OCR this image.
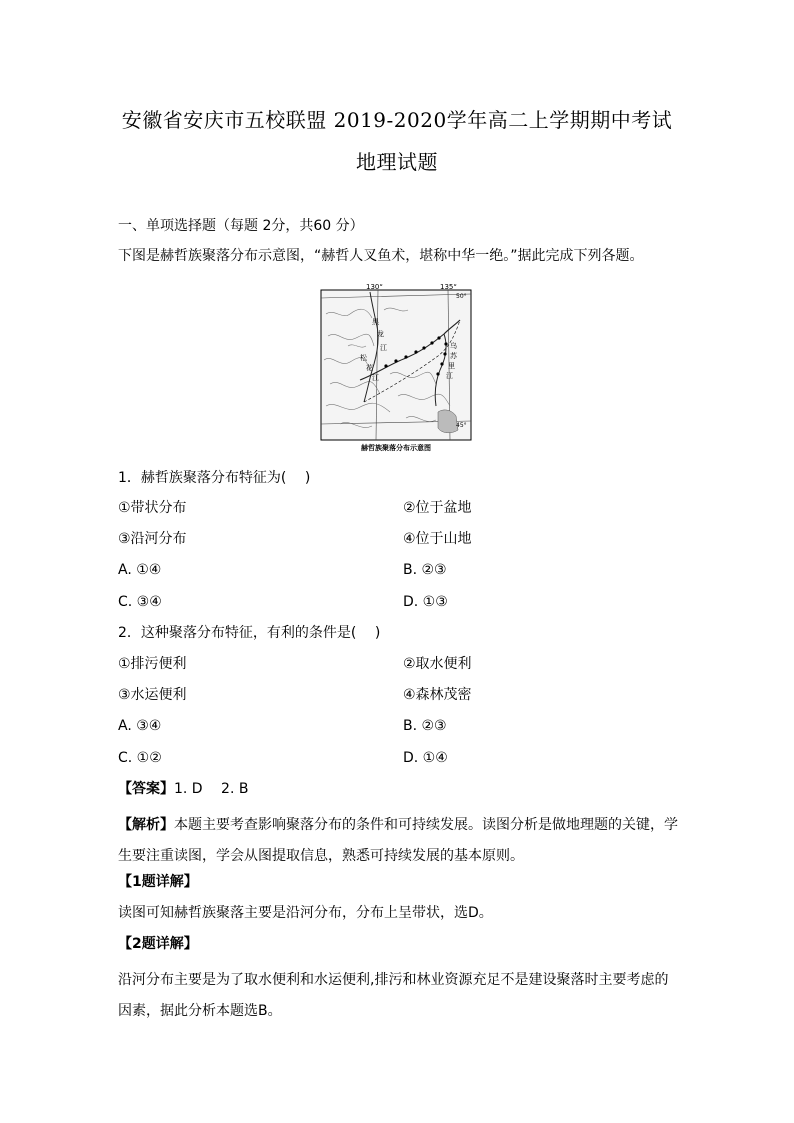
安徽省安庆市五校联盟 2019-2020学年高二上学期期中考试
地理试题
一、单项选择题（每题 2分，共60 分）
下图是赫哲族聚落分布示意图，“赫哲人叉鱼术，堪称中华一绝。”据此完成下列各题。
130°	135°
50°
45°
黑
龙
江
松
花
江
乌
苏
里
江
赫哲族聚落分布示意图
1．赫哲族聚落分布特征为(　 )
①带状分布	②位于盆地
③沿河分布	④位于山地
A. ①④	B. ②③
C. ③④	D. ①③
2．这种聚落分布特征，有利的条件是(　 )
①排污便利	②取水便利
③水运便利	④森林茂密
A. ③④	B. ②③
C. ①②	D. ①④
【答案】1. D　 2. B
【解析】本题主要考查影响聚落分布的条件和可持续发展。读图分析是做地理题的关键，学生要注重读图，学会从图提取信息，熟悉可持续发展的基本原则。
【1题详解】
读图可知赫哲族聚落主要是沿河分布，分布上呈带状，选D。
【2题详解】
沿河分布主要是为了取水便利和水运便利,排污和林业资源充足不是建设聚落时主要考虑的因素，据此分析本题选B。
